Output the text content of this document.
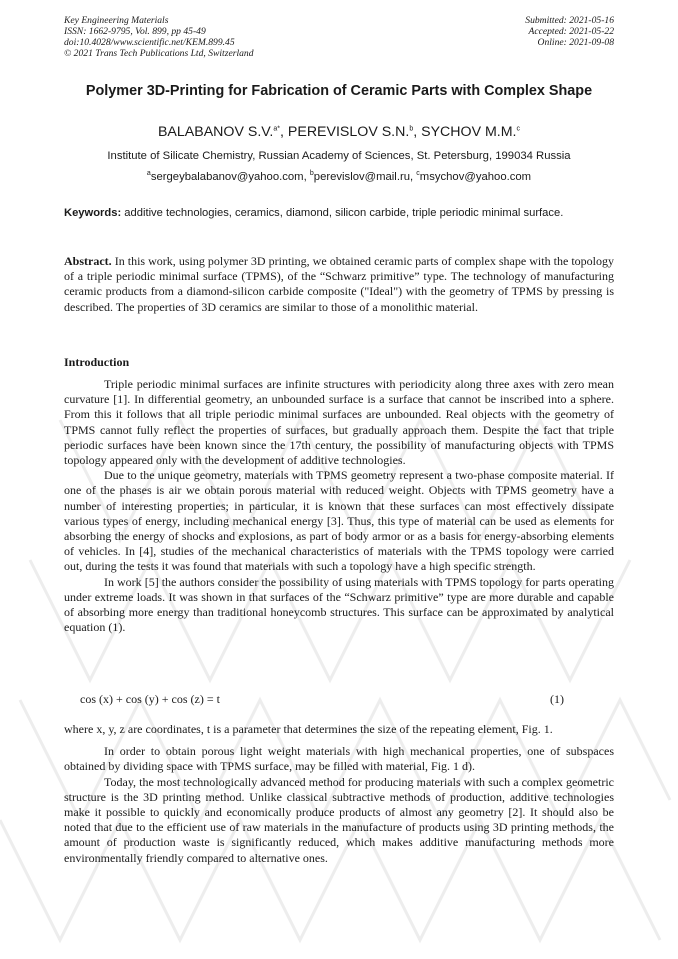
Key Engineering Materials
ISSN: 1662-9795, Vol. 899, pp 45-49
doi:10.4028/www.scientific.net/KEM.899.45
© 2021 Trans Tech Publications Ltd, Switzerland
Submitted: 2021-05-16
Accepted: 2021-05-22
Online: 2021-09-08
Polymer 3D-Printing for Fabrication of Ceramic Parts with Complex Shape
BALABANOV S.V.$^{a*}$, PEREVISLOV S.N.$^b$, SYCHOV M.M.$^c$
Institute of Silicate Chemistry, Russian Academy of Sciences, St. Petersburg, 199034 Russia
$^a$sergeybalabanov@yahoo.com, $^b$perevislov@mail.ru, $^c$msychov@yahoo.com
Keywords: additive technologies, ceramics, diamond, silicon carbide, triple periodic minimal surface.

Abstract. In this work, using polymer 3D printing, we obtained ceramic parts of complex shape with the topology of a triple periodic minimal surface (TPMS), of the “Schwarz primitive” type. The technology of manufacturing ceramic products from a diamond-silicon carbide composite ("Ideal") with the geometry of TPMS by pressing is described. The properties of 3D ceramics are similar to those of a monolithic material.

Introduction

Triple periodic minimal surfaces are infinite structures with periodicity along three axes with zero mean curvature [1]. In differential geometry, an unbounded surface is a surface that cannot be inscribed into a sphere. From this it follows that all triple periodic minimal surfaces are unbounded. Real objects with the geometry of TPMS cannot fully reflect the properties of surfaces, but gradually approach them. Despite the fact that triple periodic surfaces have been known since the 17th century, the possibility of manufacturing objects with TPMS topology appeared only with the development of additive technologies.

Due to the unique geometry, materials with TPMS geometry represent a two-phase composite material. If one of the phases is air we obtain porous material with reduced weight. Objects with TPMS geometry have a number of interesting properties; in particular, it is known that these surfaces can most effectively dissipate various types of energy, including mechanical energy [3]. Thus, this type of material can be used as elements for absorbing the energy of shocks and explosions, as part of body armor or as a basis for energy-absorbing elements of vehicles. In [4], studies of the mechanical characteristics of materials with the TPMS topology were carried out, during the tests it was found that materials with such a topology have a high specific strength.

In work [5] the authors consider the possibility of using materials with TPMS topology for parts operating under extreme loads. It was shown in that surfaces of the “Schwarz primitive” type are more durable and capable of absorbing more energy than traditional honeycomb structures. This surface can be approximated by analytical equation (1).

cos (x) + cos (y) + cos (z) = t	(1)

where x, y, z are coordinates, t is a parameter that determines the size of the repeating element, Fig. 1.

In order to obtain porous light weight materials with high mechanical properties, one of subspaces obtained by dividing space with TPMS surface, may be filled with material, Fig. 1 d).

Today, the most technologically advanced method for producing materials with such a complex geometric structure is the 3D printing method. Unlike classical subtractive methods of production, additive technologies make it possible to quickly and economically produce products of almost any geometry [2]. It should also be noted that due to the efficient use of raw materials in the manufacture of products using 3D printing methods, the amount of production waste is significantly reduced, which makes additive manufacturing methods more environmentally friendly compared to alternative ones.
